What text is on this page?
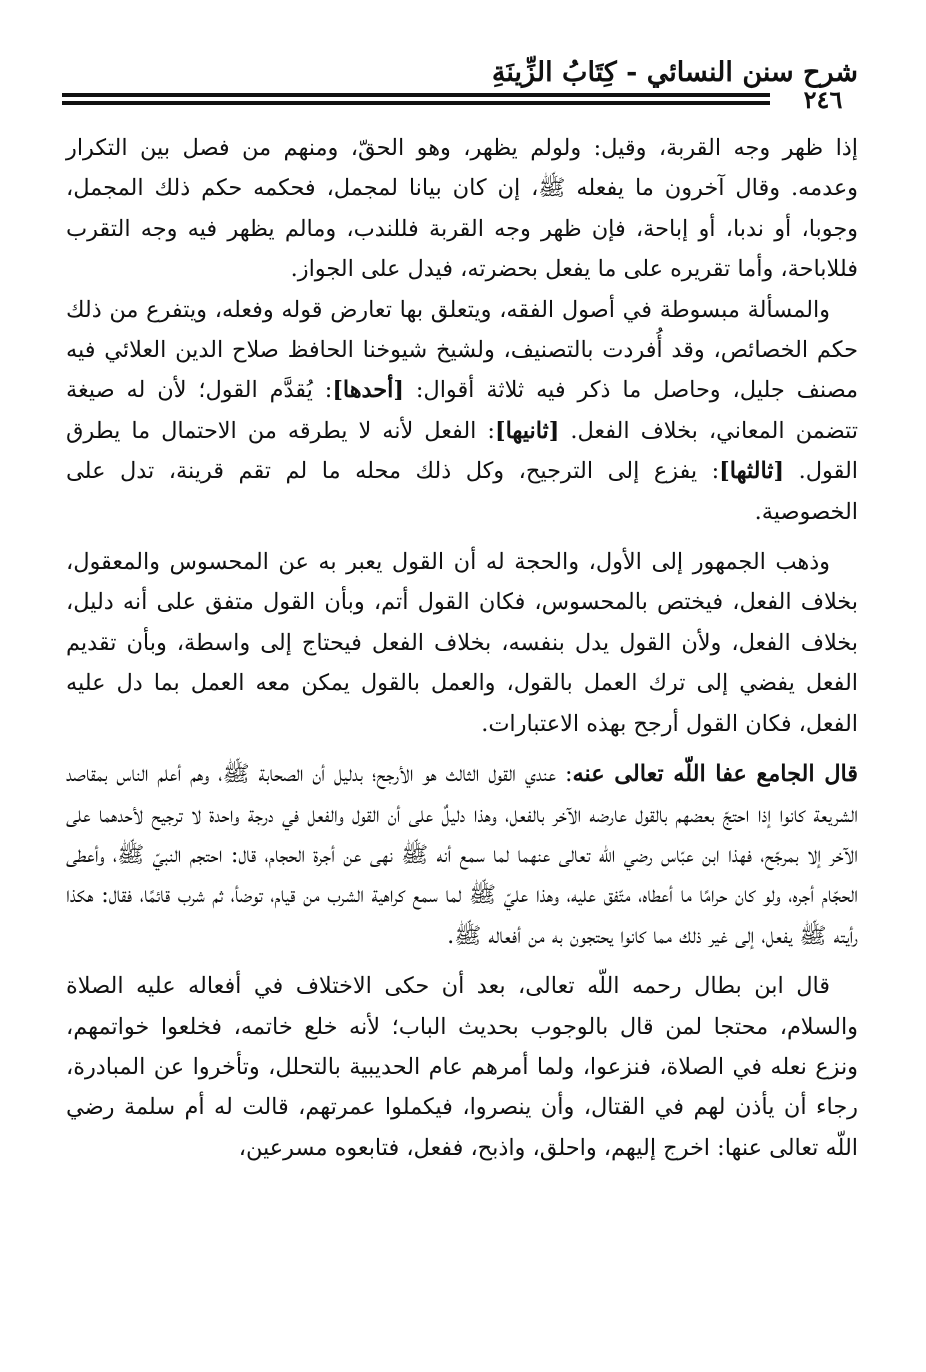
شرح سنن النسائي - كِتَابُ الزِّينَةِ
٢٤٦

إذا ظهر وجه القربة، وقيل: ولولم يظهر، وهو الحقّ، ومنهم من فصل بين التكرار وعدمه. وقال آخرون ما يفعله ﷺ، إن كان بيانا لمجمل، فحكمه حكم ذلك المجمل، وجوبا، أو ندبا، أو إباحة، فإن ظهر وجه القربة فللندب، ومالم يظهر فيه وجه التقرب فللاباحة، وأما تقريره على ما يفعل بحضرته، فيدل على الجواز.

والمسألة مبسوطة في أصول الفقه، ويتعلق بها تعارض قوله وفعله، ويتفرع من ذلك حكم الخصائص، وقد أُفردت بالتصنيف، ولشيخ شيوخنا الحافظ صلاح الدين العلائي فيه مصنف جليل، وحاصل ما ذكر فيه ثلاثة أقوال: [أحدها]: يُقدَّم القول؛ لأن له صيغة تتضمن المعاني، بخلاف الفعل. [ثانيها]: الفعل لأنه لا يطرقه من الاحتمال ما يطرق القول. [ثالثها]: يفزع إلى الترجيح، وكل ذلك محله ما لم تقم قرينة، تدل على الخصوصية.

وذهب الجمهور إلى الأول، والحجة له أن القول يعبر به عن المحسوس والمعقول، بخلاف الفعل، فيختص بالمحسوس، فكان القول أتم، وبأن القول متفق على أنه دليل، بخلاف الفعل، ولأن القول يدل بنفسه، بخلاف الفعل فيحتاج إلى واسطة، وبأن تقديم الفعل يفضي إلى ترك العمل بالقول، والعمل بالقول يمكن معه العمل بما دل عليه الفعل، فكان القول أرجح بهذه الاعتبارات.

قال الجامع عفا اللّه تعالى عنه: عندي القول الثالث هو الأرجح؛ بدليل أن الصحابة ﷺ، وهم أعلم الناس بمقاصد الشريعة كانوا إذا احتجّ بعضهم بالقول عارضه الآخر بالفعل، وهذا دليلٌ على أن القول والفعل في درجة واحدة لا ترجيح لأحدهما على الآخر إلا بمرجّح، فهذا ابن عبّاس رضي اللّه تعالى عنهما لما سمع أنه ﷺ نهى عن أجرة الحجام، قال: احتجم النبيّ ﷺ، وأعطى الحجّام أجره، ولو كان حرامًا ما أعطاه، متّفق عليه، وهذا عليّ ﷺ لما سمع كراهية الشرب من قيام، توضأ، ثم شرب قائمًا، فقال: هكذا رأيته ﷺ يفعل، إلى غير ذلك مما كانوا يحتجون به من أفعاله ﷺ.

قال ابن بطال رحمه اللّه تعالى، بعد أن حكى الاختلاف في أفعاله عليه الصلاة والسلام، محتجا لمن قال بالوجوب بحديث الباب؛ لأنه خلع خاتمه، فخلعوا خواتمهم، ونزع نعله في الصلاة، فنزعوا، ولما أمرهم عام الحديبية بالتحلل، وتأخروا عن المبادرة، رجاء أن يأذن لهم في القتال، وأن ينصروا، فيكملوا عمرتهم، قالت له أم سلمة رضي اللّه تعالى عنها: اخرج إليهم، واحلق، واذبح، ففعل، فتابعوه مسرعين،
